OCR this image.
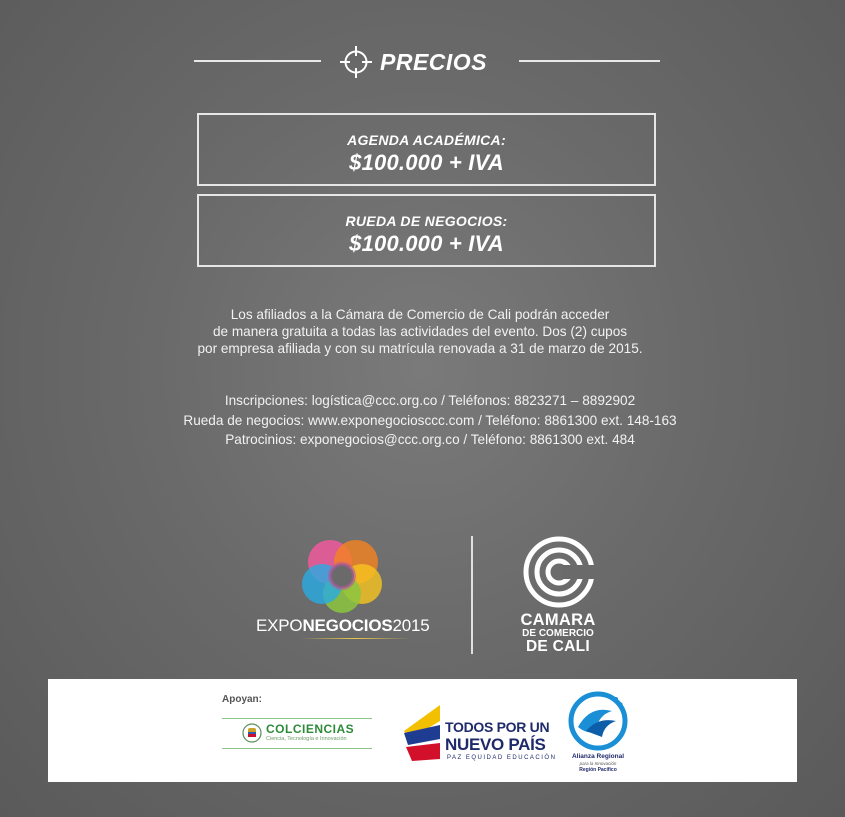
PRECIOS
AGENDA ACADÉMICA:
$100.000 + IVA
RUEDA DE NEGOCIOS:
$100.000 + IVA
Los afiliados a la Cámara de Comercio de Cali podrán acceder
de manera gratuita a todas las actividades del evento. Dos (2) cupos
por empresa afiliada y con su matrícula renovada a 31 de marzo de 2015.
Inscripciones: logística@ccc.org.co / Teléfonos: 8823271 – 8892902
Rueda de negocios: www.exponegociosccc.com / Teléfono: 8861300 ext. 148-163
Patrocinios: exponegocios@ccc.org.co / Teléfono: 8861300 ext. 484
EXPONEGOCIOS2015	CAMARA
DE COMERCIO
DE CALI
Apoyan:
COLCIENCIAS
Ciencia, Tecnología e Innovación
TODOS POR UN
NUEVO PAÍS
PAZ EQUIDAD EDUCACIÓN	Alianza Regional
para la Innovación
Región Pacífico
